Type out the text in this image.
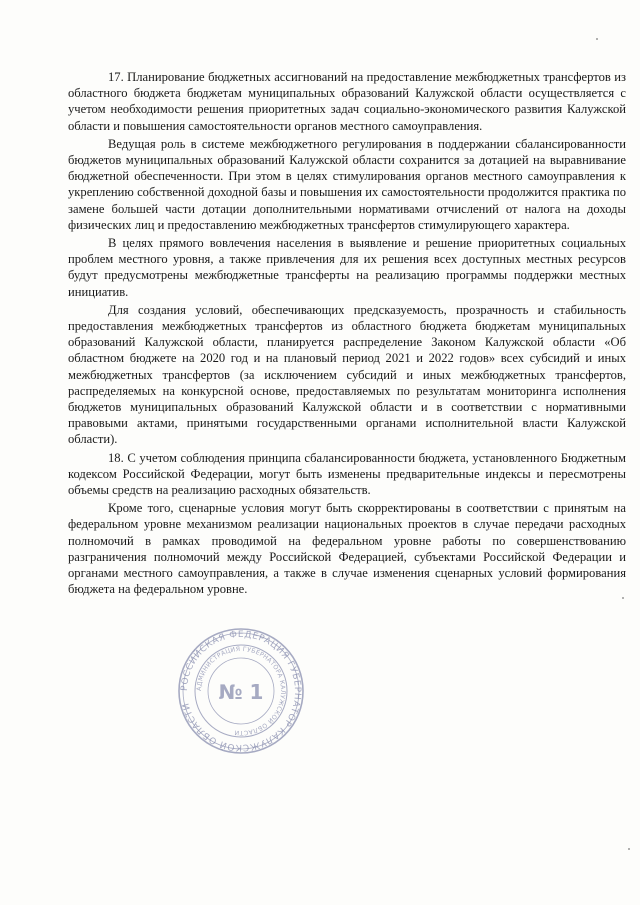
17. Планирование бюджетных ассигнований на предоставление межбюджетных трансфертов из областного бюджета бюджетам муниципальных образований Калужской области осуществляется с учетом необходимости решения приоритетных задач социально-экономического развития Калужской области и повышения самостоятельности органов местного самоуправления.

Ведущая роль в системе межбюджетного регулирования в поддержании сбалансированности бюджетов муниципальных образований Калужской области сохранится за дотацией на выравнивание бюджетной обеспеченности. При этом в целях стимулирования органов местного самоуправления к укреплению собственной доходной базы и повышения их самостоятельности продолжится практика по замене большей части дотации дополнительными нормативами отчислений от налога на доходы физических лиц и предоставлению межбюджетных трансфертов стимулирующего характера.

В целях прямого вовлечения населения в выявление и решение приоритетных социальных проблем местного уровня, а также привлечения для их решения всех доступных местных ресурсов будут предусмотрены межбюджетные трансферты на реализацию программы поддержки местных инициатив.

Для создания условий, обеспечивающих предсказуемость, прозрачность и стабильность предоставления межбюджетных трансфертов из областного бюджета бюджетам муниципальных образований Калужской области, планируется распределение Законом Калужской области «Об областном бюджете на 2020 год и на плановый период 2021 и 2022 годов» всех субсидий и иных межбюджетных трансфертов (за исключением субсидий и иных межбюджетных трансфертов, распределяемых на конкурсной основе, предоставляемых по результатам мониторинга исполнения бюджетов муниципальных образований Калужской области и в соответствии с нормативными правовыми актами, принятыми государственными органами исполнительной власти Калужской области).

18. С учетом соблюдения принципа сбалансированности бюджета, установленного Бюджетным кодексом Российской Федерации, могут быть изменены предварительные индексы и пересмотрены объемы средств на реализацию расходных обязательств.

Кроме того, сценарные условия могут быть скорректированы в соответствии с принятым на федеральном уровне механизмом реализации национальных проектов в случае передачи расходных полномочий в рамках проводимой на федеральном уровне работы по совершенствованию разграничения полномочий между Российской Федерацией, субъектами Российской Федерации и органами местного самоуправления, а также в случае изменения сценарных условий формирования бюджета на федеральном уровне.

РОССИЙСКАЯ ФЕДЕРАЦИЯ ГУБЕРНАТОР КАЛУЖСКОЙ ОБЛАСТИ
АДМИНИСТРАЦИЯ ГУБЕРНАТОРА КАЛУЖСКОЙ ОБЛАСТИ
№ 1
